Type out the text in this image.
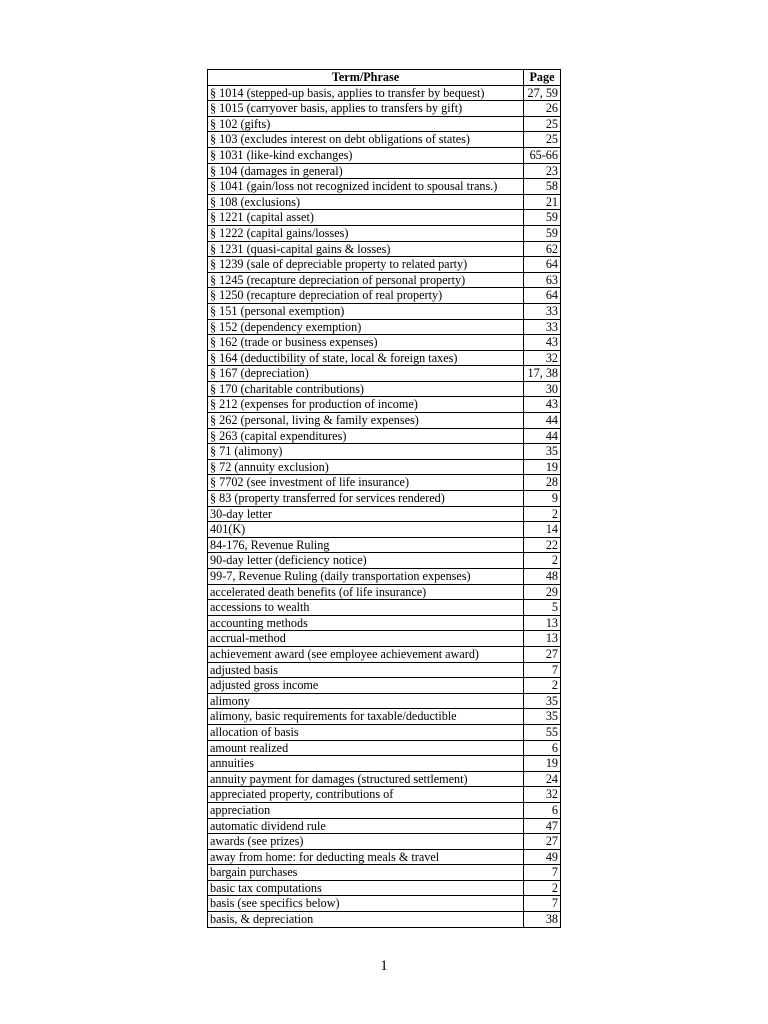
Term/Phrase	Page
§ 1014 (stepped-up basis, applies to transfer by bequest)	27, 59
§ 1015 (carryover basis, applies to transfers by gift)	26
§ 102 (gifts)	25
§ 103 (excludes interest on debt obligations of states)	25
§ 1031 (like-kind exchanges)	65-66
§ 104 (damages in general)	23
§ 1041 (gain/loss not recognized incident to spousal trans.)	58
§ 108 (exclusions)	21
§ 1221 (capital asset)	59
§ 1222 (capital gains/losses)	59
§ 1231 (quasi-capital gains & losses)	62
§ 1239 (sale of depreciable property to related party)	64
§ 1245 (recapture depreciation of personal property)	63
§ 1250 (recapture depreciation of real property)	64
§ 151 (personal exemption)	33
§ 152 (dependency exemption)	33
§ 162 (trade or business expenses)	43
§ 164 (deductibility of state, local & foreign taxes)	32
§ 167 (depreciation)	17, 38
§ 170 (charitable contributions)	30
§ 212 (expenses for production of income)	43
§ 262 (personal, living & family expenses)	44
§ 263 (capital expenditures)	44
§ 71 (alimony)	35
§ 72 (annuity exclusion)	19
§ 7702 (see investment of life insurance)	28
§ 83 (property transferred for services rendered)	9
30-day letter	2
401(K)	14
84-176, Revenue Ruling	22
90-day letter (deficiency notice)	2
99-7, Revenue Ruling (daily transportation expenses)	48
accelerated death benefits (of life insurance)	29
accessions to wealth	5
accounting methods	13
accrual-method	13
achievement award (see employee achievement award)	27
adjusted basis	7
adjusted gross income	2
alimony	35
alimony, basic requirements for taxable/deductible	35
allocation of basis	55
amount realized	6
annuities	19
annuity payment for damages (structured settlement)	24
appreciated property, contributions of	32
appreciation	6
automatic dividend rule	47
awards (see prizes)	27
away from home: for deducting meals & travel	49
bargain purchases	7
basic tax computations	2
basis (see specifics below)	7
basis, & depreciation	38
1
